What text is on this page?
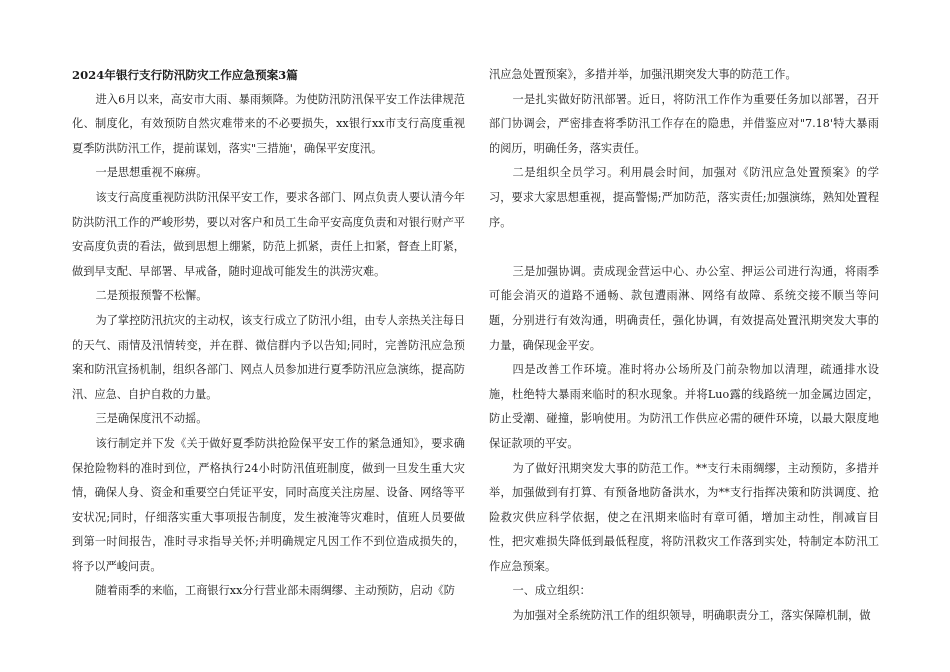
2024年银行支行防汛防灾工作应急预案3篇

进入6月以来，高安市大雨、暴雨频降。为使防汛防汛保平安工作法律规范化、制度化，有效预防自然灾难带来的不必要损失，xx银行xx市支行高度重视夏季防洪防汛工作，提前谋划，落实"三措施'，确保平安度汛。

一是思想重视不麻痹。

该支行高度重视防洪防汛保平安工作，要求各部门、网点负责人要认清今年防洪防汛工作的严峻形势，要以对客户和员工生命平安高度负责和对银行财产平安高度负责的看法，做到思想上绷紧，防范上抓紧，责任上扣紧，督查上盯紧，做到早支配、早部署、早戒备，随时迎战可能发生的洪涝灾难。

二是预报预警不松懈。

为了掌控防汛抗灾的主动权，该支行成立了防汛小组，由专人亲热关注每日的天气、雨情及汛情转变，并在群、微信群内予以告知;同时，完善防汛应急预案和防汛宣扬机制，组织各部门、网点人员参加进行夏季防汛应急演练，提高防汛、应急、自护自救的力量。

三是确保度汛不动摇。

该行制定并下发《关于做好夏季防洪抢险保平安工作的紧急通知》，要求确保抢险物料的准时到位，严格执行24小时防汛值班制度，做到一旦发生重大灾情，确保人身、资金和重要空白凭证平安，同时高度关注房屋、设备、网络等平安状况;同时，仔细落实重大事项报告制度，发生被淹等灾难时，值班人员要做到第一时间报告，准时寻求指导关怀;并明确规定凡因工作不到位造成损失的，将予以严峻问责。

随着雨季的来临，工商银行xx分行营业部未雨绸缪、主动预防，启动《防

汛应急处置预案》，多措并举，加强汛期突发大事的防范工作。

一是扎实做好防汛部署。近日，将防汛工作作为重要任务加以部署，召开部门协调会，严密排查将季防汛工作存在的隐患，并借鉴应对"7.18'特大暴雨的阅历，明确任务，落实责任。

二是组织全员学习。利用晨会时间，加强对《防汛应急处置预案》的学习，要求大家思想重视，提高警惕;严加防范，落实责任;加强演练，熟知处置程序。

三是加强协调。责成现金营运中心、办公室、押运公司进行沟通，将雨季可能会消灭的道路不通畅、款包遭雨淋、网络有故障、系统交接不顺当等问题，分别进行有效沟通，明确责任，强化协调，有效提高处置汛期突发大事的力量，确保现金平安。

四是改善工作环境。准时将办公场所及门前杂物加以清理，疏通排水设施，杜绝特大暴雨来临时的积水现象。并将Luo露的线路统一加金属边固定，防止受潮、碰撞，影响使用。为防汛工作供应必需的硬件环境，以最大限度地保证款项的平安。

为了做好汛期突发大事的防范工作。**支行未雨绸缪，主动预防，多措并举，加强做到有打算、有预备地防备洪水，为**支行指挥决策和防洪调度、抢险救灾供应科学依据，使之在汛期来临时有章可循，增加主动性，削减盲目性，把灾难损失降低到最低程度，将防汛救灾工作落到实处，特制定本防汛工作应急预案。

一、成立组织：

为加强对全系统防汛工作的组织领导，明确职责分工，落实保障机制，做
